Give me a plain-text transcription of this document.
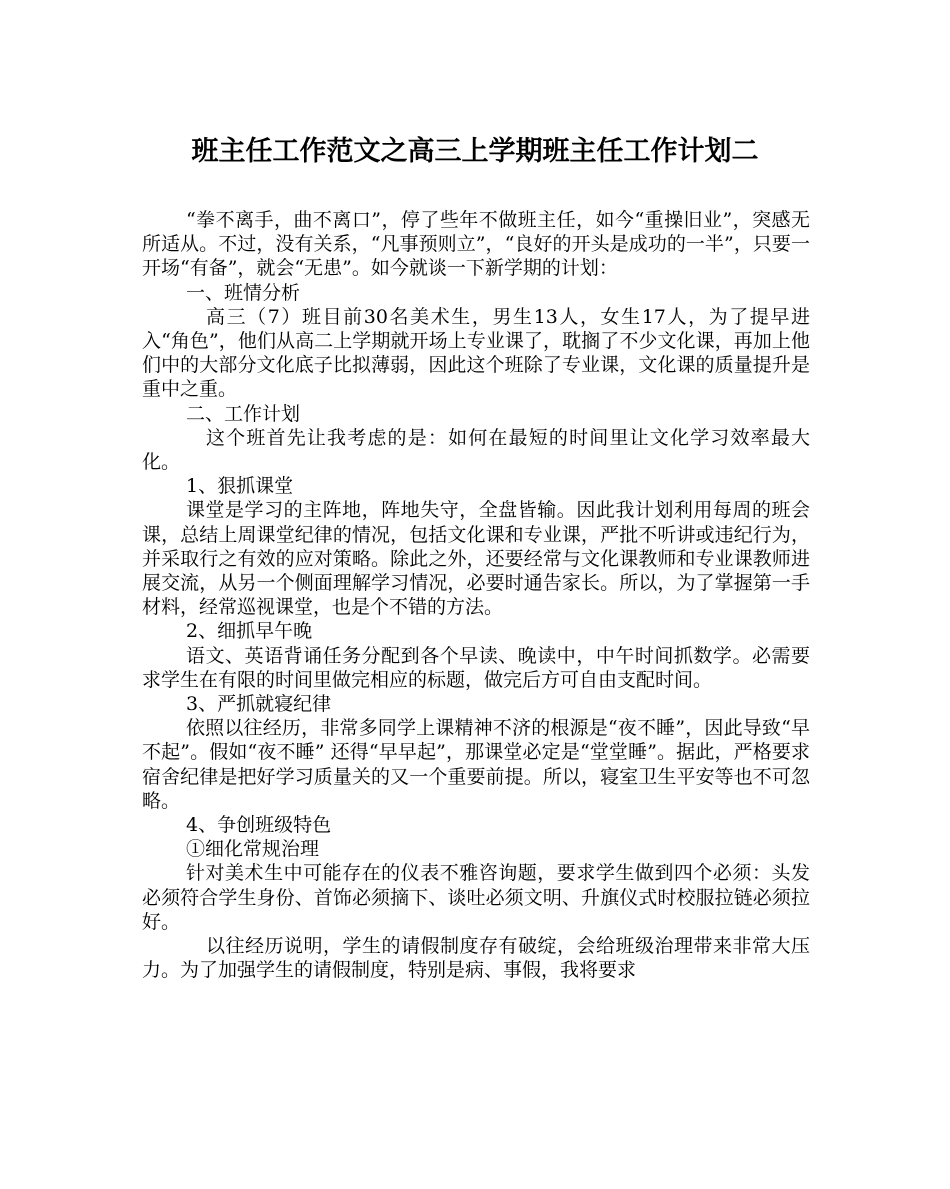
班主任工作范文之高三上学期班主任工作计划二

“拳不离手，曲不离口”，停了些年不做班主任，如今“重操旧业”，突感无所适从。不过，没有关系，“凡事预则立”，“良好的开头是成功的一半”，只要一开场“有备”，就会“无患”。如今就谈一下新学期的计划：

一、班情分析

高三（7）班目前30名美术生，男生13人，女生17人，为了提早进入“角色”，他们从高二上学期就开场上专业课了，耽搁了不少文化课，再加上他们中的大部分文化底子比拟薄弱，因此这个班除了专业课，文化课的质量提升是重中之重。

二、工作计划

这个班首先让我考虑的是：如何在最短的时间里让文化学习效率最大化。

1、狠抓课堂

课堂是学习的主阵地，阵地失守，全盘皆输。因此我计划利用每周的班会课，总结上周课堂纪律的情况，包括文化课和专业课，严批不听讲或违纪行为，并采取行之有效的应对策略。除此之外，还要经常与文化课教师和专业课教师进展交流，从另一个侧面理解学习情况，必要时通告家长。所以，为了掌握第一手材料，经常巡视课堂，也是个不错的方法。

2、细抓早午晚

语文、英语背诵任务分配到各个早读、晚读中，中午时间抓数学。必需要求学生在有限的时间里做完相应的标题，做完后方可自由支配时间。

3、严抓就寝纪律

依照以往经历，非常多同学上课精神不济的根源是“夜不睡”，因此导致“早不起”。假如“夜不睡” 还得“早早起”，那课堂必定是“堂堂睡”。据此，严格要求宿舍纪律是把好学习质量关的又一个重要前提。所以，寝室卫生平安等也不可忽略。

4、争创班级特色

①细化常规治理

针对美术生中可能存在的仪表不雅咨询题，要求学生做到四个必须：头发必须符合学生身份、首饰必须摘下、谈吐必须文明、升旗仪式时校服拉链必须拉好。

以往经历说明，学生的请假制度存有破绽，会给班级治理带来非常大压力。为了加强学生的请假制度，特别是病、事假，我将要求
